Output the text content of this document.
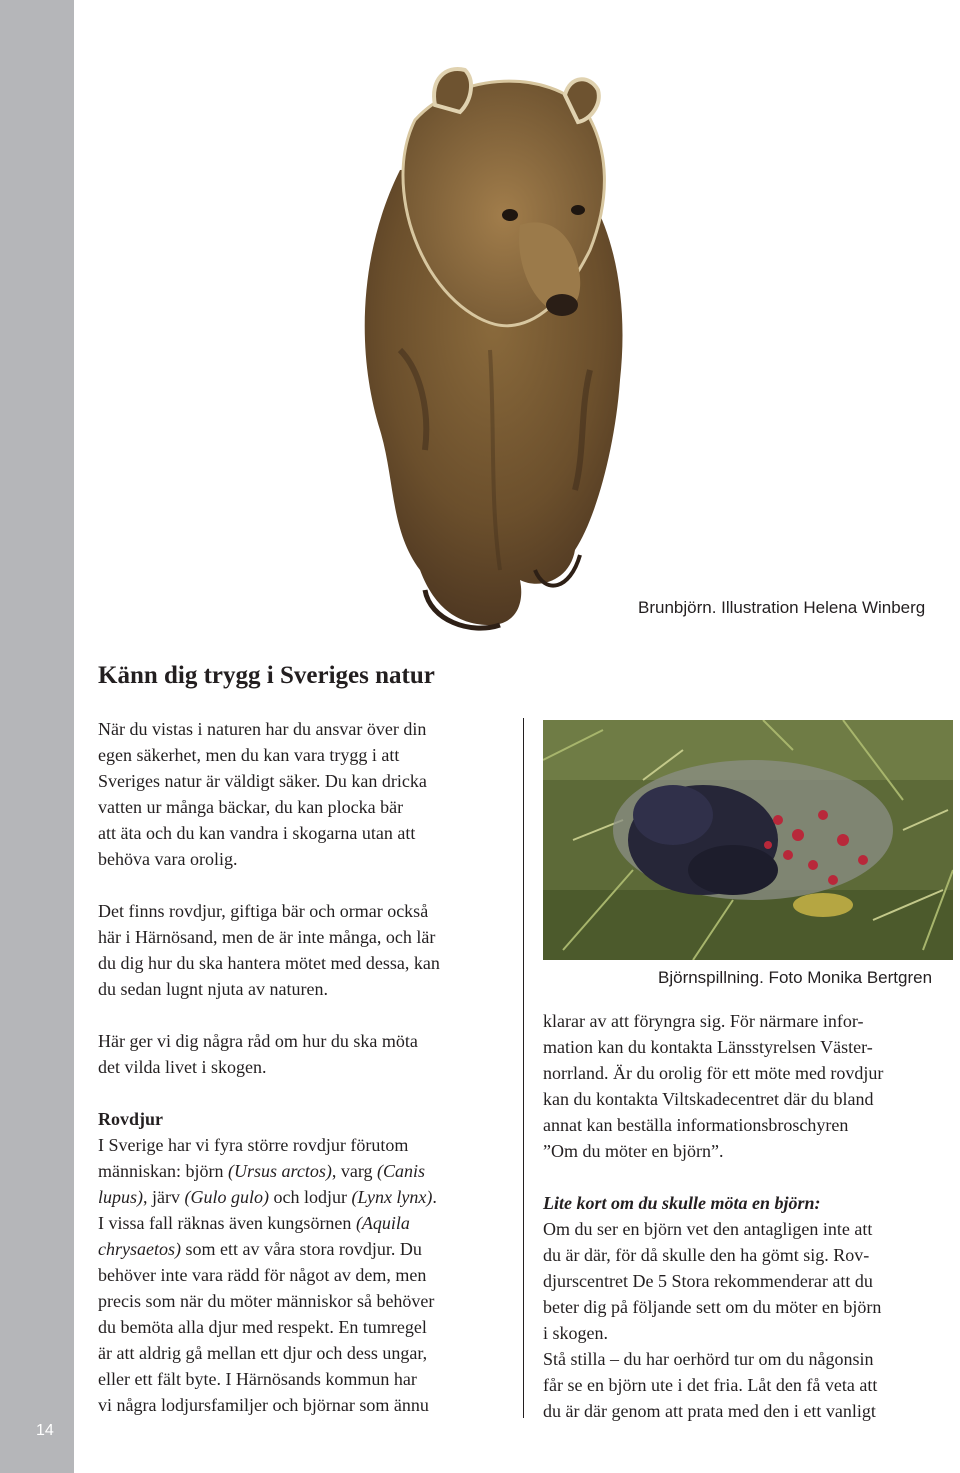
14
Brunbjörn. Illustration Helena Winberg
Känn dig trygg i Sveriges natur

När du vistas i naturen har du ansvar över din
egen säkerhet, men du kan vara trygg i att
Sveriges natur är väldigt säker. Du kan dricka
vatten ur många bäckar, du kan plocka bär
att äta och du kan vandra i skogarna utan att
behöva vara orolig.

Det finns rovdjur, giftiga bär och ormar också
här i Härnösand, men de är inte många, och lär
du dig hur du ska hantera mötet med dessa, kan
du sedan lugnt njuta av naturen.

Här ger vi dig några råd om hur du ska möta
det vilda livet i skogen.

Rovdjur
I Sverige har vi fyra större rovdjur förutom
människan: björn (Ursus arctos), varg (Canis
lupus), järv (Gulo gulo) och lodjur (Lynx lynx).
I vissa fall räknas även kungsörnen (Aquila
chrysaetos) som ett av våra stora rovdjur. Du
behöver inte vara rädd för något av dem, men
precis som när du möter människor så behöver
du bemöta alla djur med respekt. En tumregel
är att aldrig gå mellan ett djur och dess ungar,
eller ett fält byte. I Härnösands kommun har
vi några lodjursfamiljer och björnar som ännu

Björnspillning. Foto Monika Bertgren

klarar av att föryngra sig. För närmare infor-
mation kan du kontakta Länsstyrelsen Väster-
norrland. Är du orolig för ett möte med rovdjur
kan du kontakta Viltskadecentret där du bland
annat kan beställa informationsbroschyren
”Om du möter en björn”.

Lite kort om du skulle möta en björn:
Om du ser en björn vet den antagligen inte att
du är där, för då skulle den ha gömt sig. Rov-
djurscentret De 5 Stora rekommenderar att du
beter dig på följande sett om du möter en björn
i skogen.
Stå stilla – du har oerhörd tur om du någonsin
får se en björn ute i det fria. Låt den få veta att
du är där genom att prata med den i ett vanligt
